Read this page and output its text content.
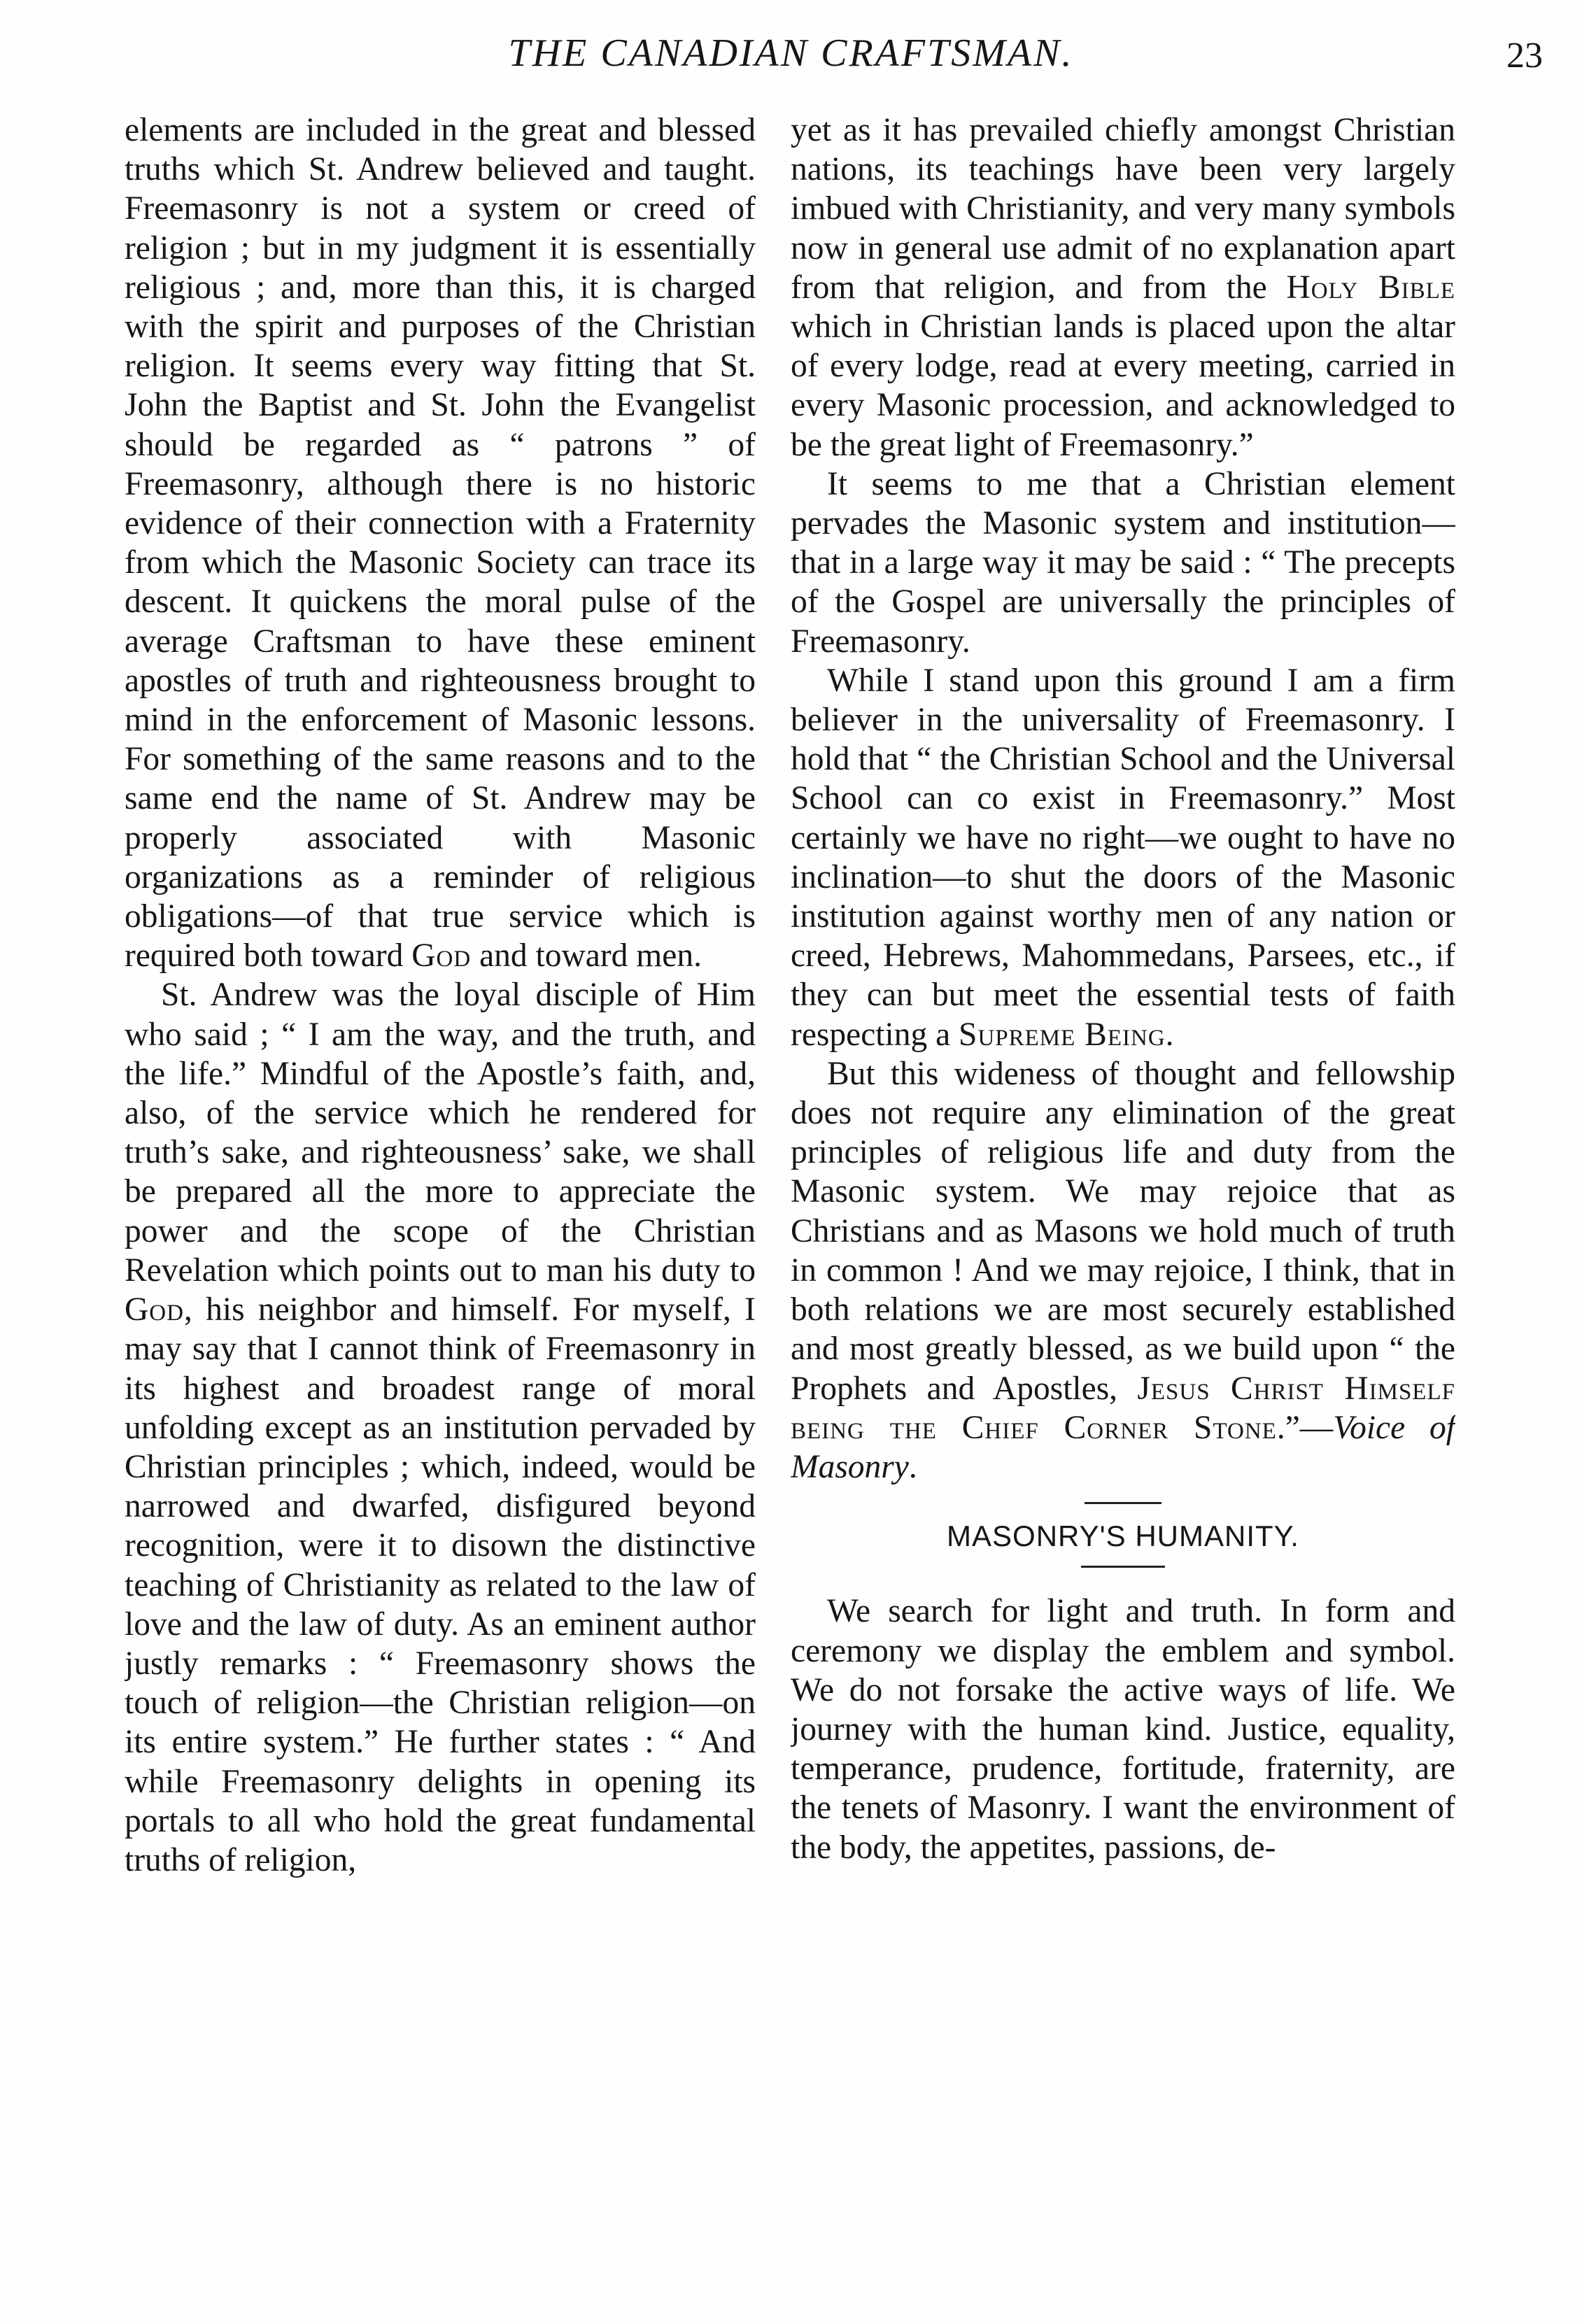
THE CANADIAN CRAFTSMAN.	23

elements are included in the great and blessed truths which St. Andrew believed and taught. Freemasonry is not a system or creed of religion ; but in my judgment it is essentially religious ; and, more than this, it is charged with the spirit and purposes of the Christian religion. It seems every way fitting that St. John the Baptist and St. John the Evangelist should be regarded as “ patrons ” of Freemasonry, although there is no historic evidence of their connection with a Fraternity from which the Masonic Society can trace its descent. It quickens the moral pulse of the average Craftsman to have these eminent apostles of truth and righteousness brought to mind in the enforcement of Masonic lessons. For something of the same reasons and to the same end the name of St. Andrew may be properly associated with Masonic organizations as a reminder of religious obligations—of that true service which is required both toward God and toward men.

St. Andrew was the loyal disciple of Him who said ; “ I am the way, and the truth, and the life.” Mindful of the Apostle’s faith, and, also, of the service which he rendered for truth’s sake, and righteousness’ sake, we shall be prepared all the more to appreciate the power and the scope of the Christian Revelation which points out to man his duty to God, his neighbor and himself. For myself, I may say that I cannot think of Freemasonry in its highest and broadest range of moral unfolding except as an institution pervaded by Christian principles ; which, indeed, would be narrowed and dwarfed, disfigured beyond recognition, were it to disown the distinctive teaching of Christianity as related to the law of love and the law of duty. As an eminent author justly remarks : “ Freemasonry shows the touch of religion—the Christian religion—on its entire system.” He further states : “ And while Freemasonry delights in opening its portals to all who hold the great fundamental truths of religion,

yet as it has prevailed chiefly amongst Christian nations, its teachings have been very largely imbued with Christianity, and very many symbols now in general use admit of no explanation apart from that religion, and from the Holy Bible which in Christian lands is placed upon the altar of every lodge, read at every meeting, carried in every Masonic procession, and acknowledged to be the great light of Freemasonry.”

It seems to me that a Christian element pervades the Masonic system and institution—that in a large way it may be said : “ The precepts of the Gospel are universally the principles of Freemasonry.

While I stand upon this ground I am a firm believer in the universality of Freemasonry. I hold that “ the Christian School and the Universal School can co exist in Freemasonry.” Most certainly we have no right—we ought to have no inclination—to shut the doors of the Masonic institution against worthy men of any nation or creed, Hebrews, Mahommedans, Parsees, etc., if they can but meet the essential tests of faith respecting a Supreme Being.

But this wideness of thought and fellowship does not require any elimination of the great principles of religious life and duty from the Masonic system. We may rejoice that as Christians and as Masons we hold much of truth in common ! And we may rejoice, I think, that in both relations we are most securely established and most greatly blessed, as we build upon “ the Prophets and Apostles, Jesus Christ Himself being the Chief Corner Stone.”—Voice of Masonry.

MASONRY'S HUMANITY.

We search for light and truth. In form and ceremony we display the emblem and symbol. We do not forsake the active ways of life. We journey with the human kind. Justice, equality, temperance, prudence, fortitude, fraternity, are the tenets of Masonry. I want the environment of the body, the appetites, passions, de-
